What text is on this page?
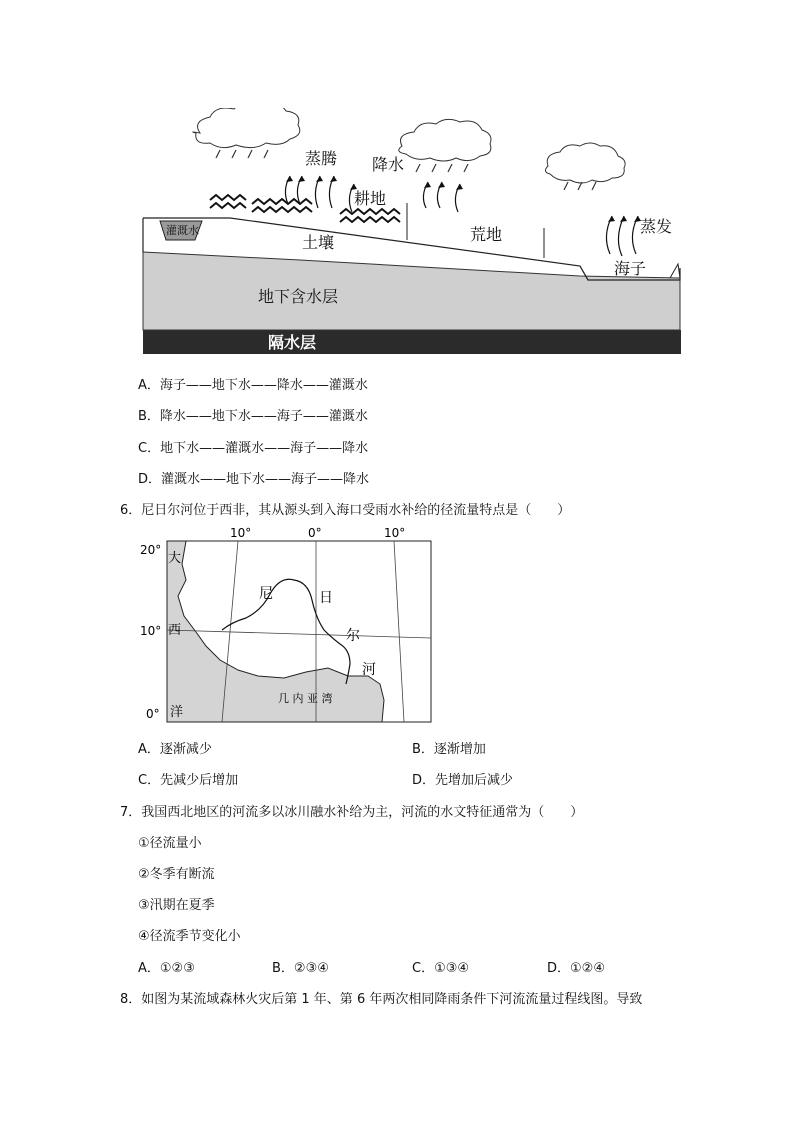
蒸腾 降水
耕地
灌溉水
土壤	荒地	蒸发
海子
地下含水层
隔水层
A．海子——地下水——降水——灌溉水
B．降水——地下水——海子——灌溉水
C．地下水——灌溉水——海子——降水
D．灌溉水——地下水——海子——降水
6．尼日尔河位于西非，其从源头到入海口受雨水补给的径流量特点是（　　）
10°	0°	10°
20°
10°
0°
大
西
洋
尼	日
尔
河
几 内 亚 湾
A．逐渐减少	B．逐渐增加
C．先减少后增加	D．先增加后减少
7．我国西北地区的河流多以冰川融水补给为主，河流的水文特征通常为（　　）
①径流量小
②冬季有断流
③汛期在夏季
④径流季节变化小
A．①②③	B．②③④	C．①③④	D．①②④
8．如图为某流域森林火灾后第 1 年、第 6 年两次相同降雨条件下河流流量过程线图。导致
